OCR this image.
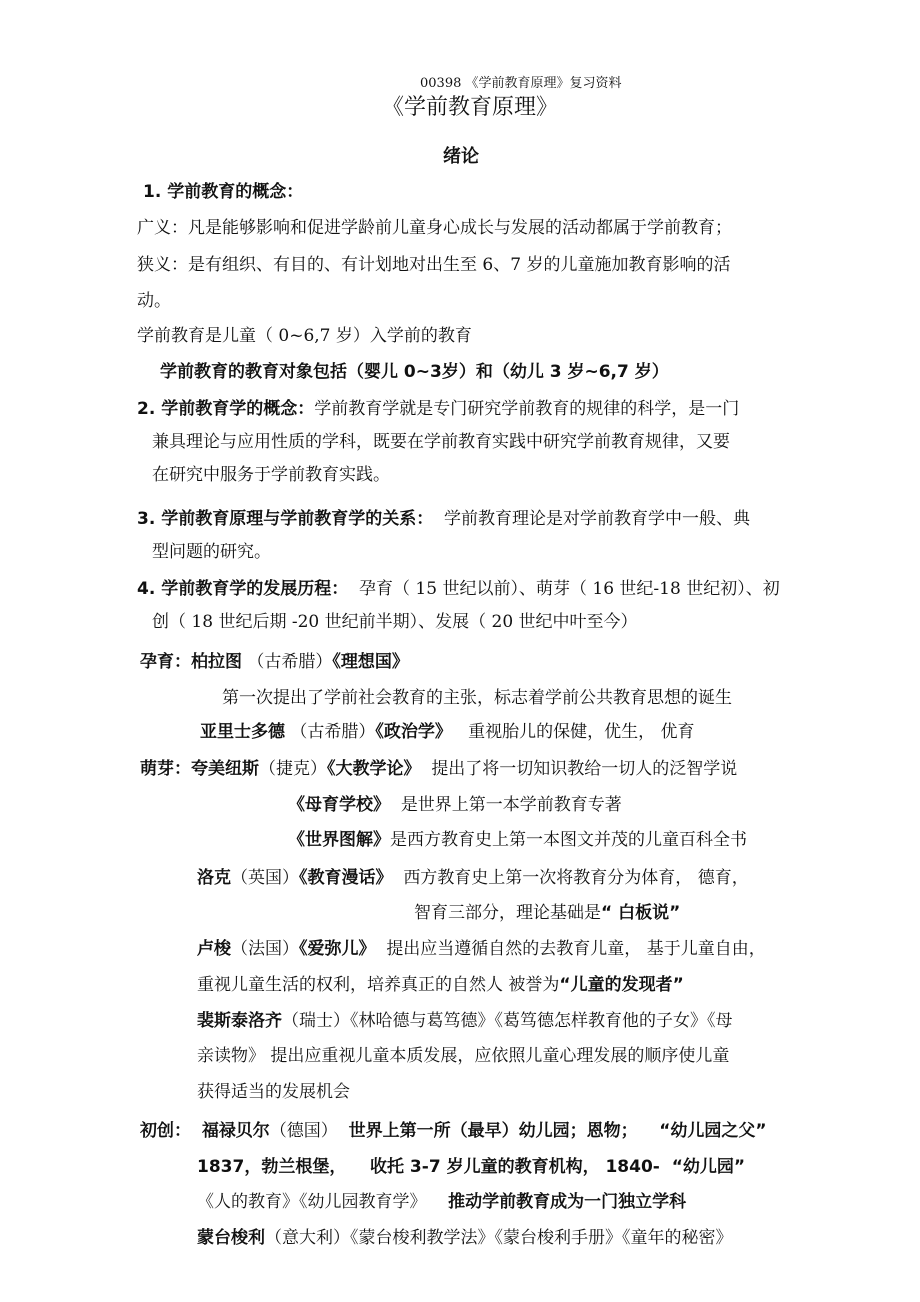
00398 《学前教育原理》复习资料
《学前教育原理》
绪论
1. 学前教育的概念：
广义：凡是能够影响和促进学龄前儿童身心成长与发展的活动都属于学前教育；
狭义：是有组织、有目的、有计划地对出生至 6、7 岁的儿童施加教育影响的活
动。
学前教育是儿童（ 0~6,7 岁）入学前的教育
学前教育的教育对象包括（婴儿 0~3岁）和（幼儿 3 岁~6,7 岁）
2. 学前教育学的概念：学前教育学就是专门研究学前教育的规律的科学，是一门
兼具理论与应用性质的学科，既要在学前教育实践中研究学前教育规律，又要
在研究中服务于学前教育实践。
3. 学前教育原理与学前教育学的关系： 学前教育理论是对学前教育学中一般、典
型问题的研究。
4. 学前教育学的发展历程： 孕育（ 15 世纪以前）、萌芽（ 16 世纪-18 世纪初）、初
创（ 18 世纪后期 -20 世纪前半期）、发展（ 20 世纪中叶至今）
孕育：柏拉图 （古希腊）《理想国》
第一次提出了学前社会教育的主张，标志着学前公共教育思想的诞生
亚里士多德 （古希腊）《政治学》 重视胎儿的保健，优生， 优育
萌芽：夸美纽斯（捷克）《大教学论》 提出了将一切知识教给一切人的泛智学说
《母育学校》 是世界上第一本学前教育专著
《世界图解》是西方教育史上第一本图文并茂的儿童百科全书
洛克（英国）《教育漫话》 西方教育史上第一次将教育分为体育， 德育，
智育三部分，理论基础是“ 白板说”
卢梭（法国）《爱弥儿》 提出应当遵循自然的去教育儿童， 基于儿童自由，
重视儿童生活的权利，培养真正的自然人 被誉为“儿童的发现者”
裴斯泰洛齐（瑞士）《林哈德与葛笃德》《葛笃德怎样教育他的子女》《母
亲读物》 提出应重视儿童本质发展，应依照儿童心理发展的顺序使儿童
获得适当的发展机会
初创： 福禄贝尔（德国） 世界上第一所（最早）幼儿园；恩物； “幼儿园之父”
1837，勃兰根堡， 收托 3-7 岁儿童的教育机构， 1840- “幼儿园”
《人的教育》《幼儿园教育学》 推动学前教育成为一门独立学科
蒙台梭利（意大利）《蒙台梭利教学法》《蒙台梭利手册》《童年的秘密》
